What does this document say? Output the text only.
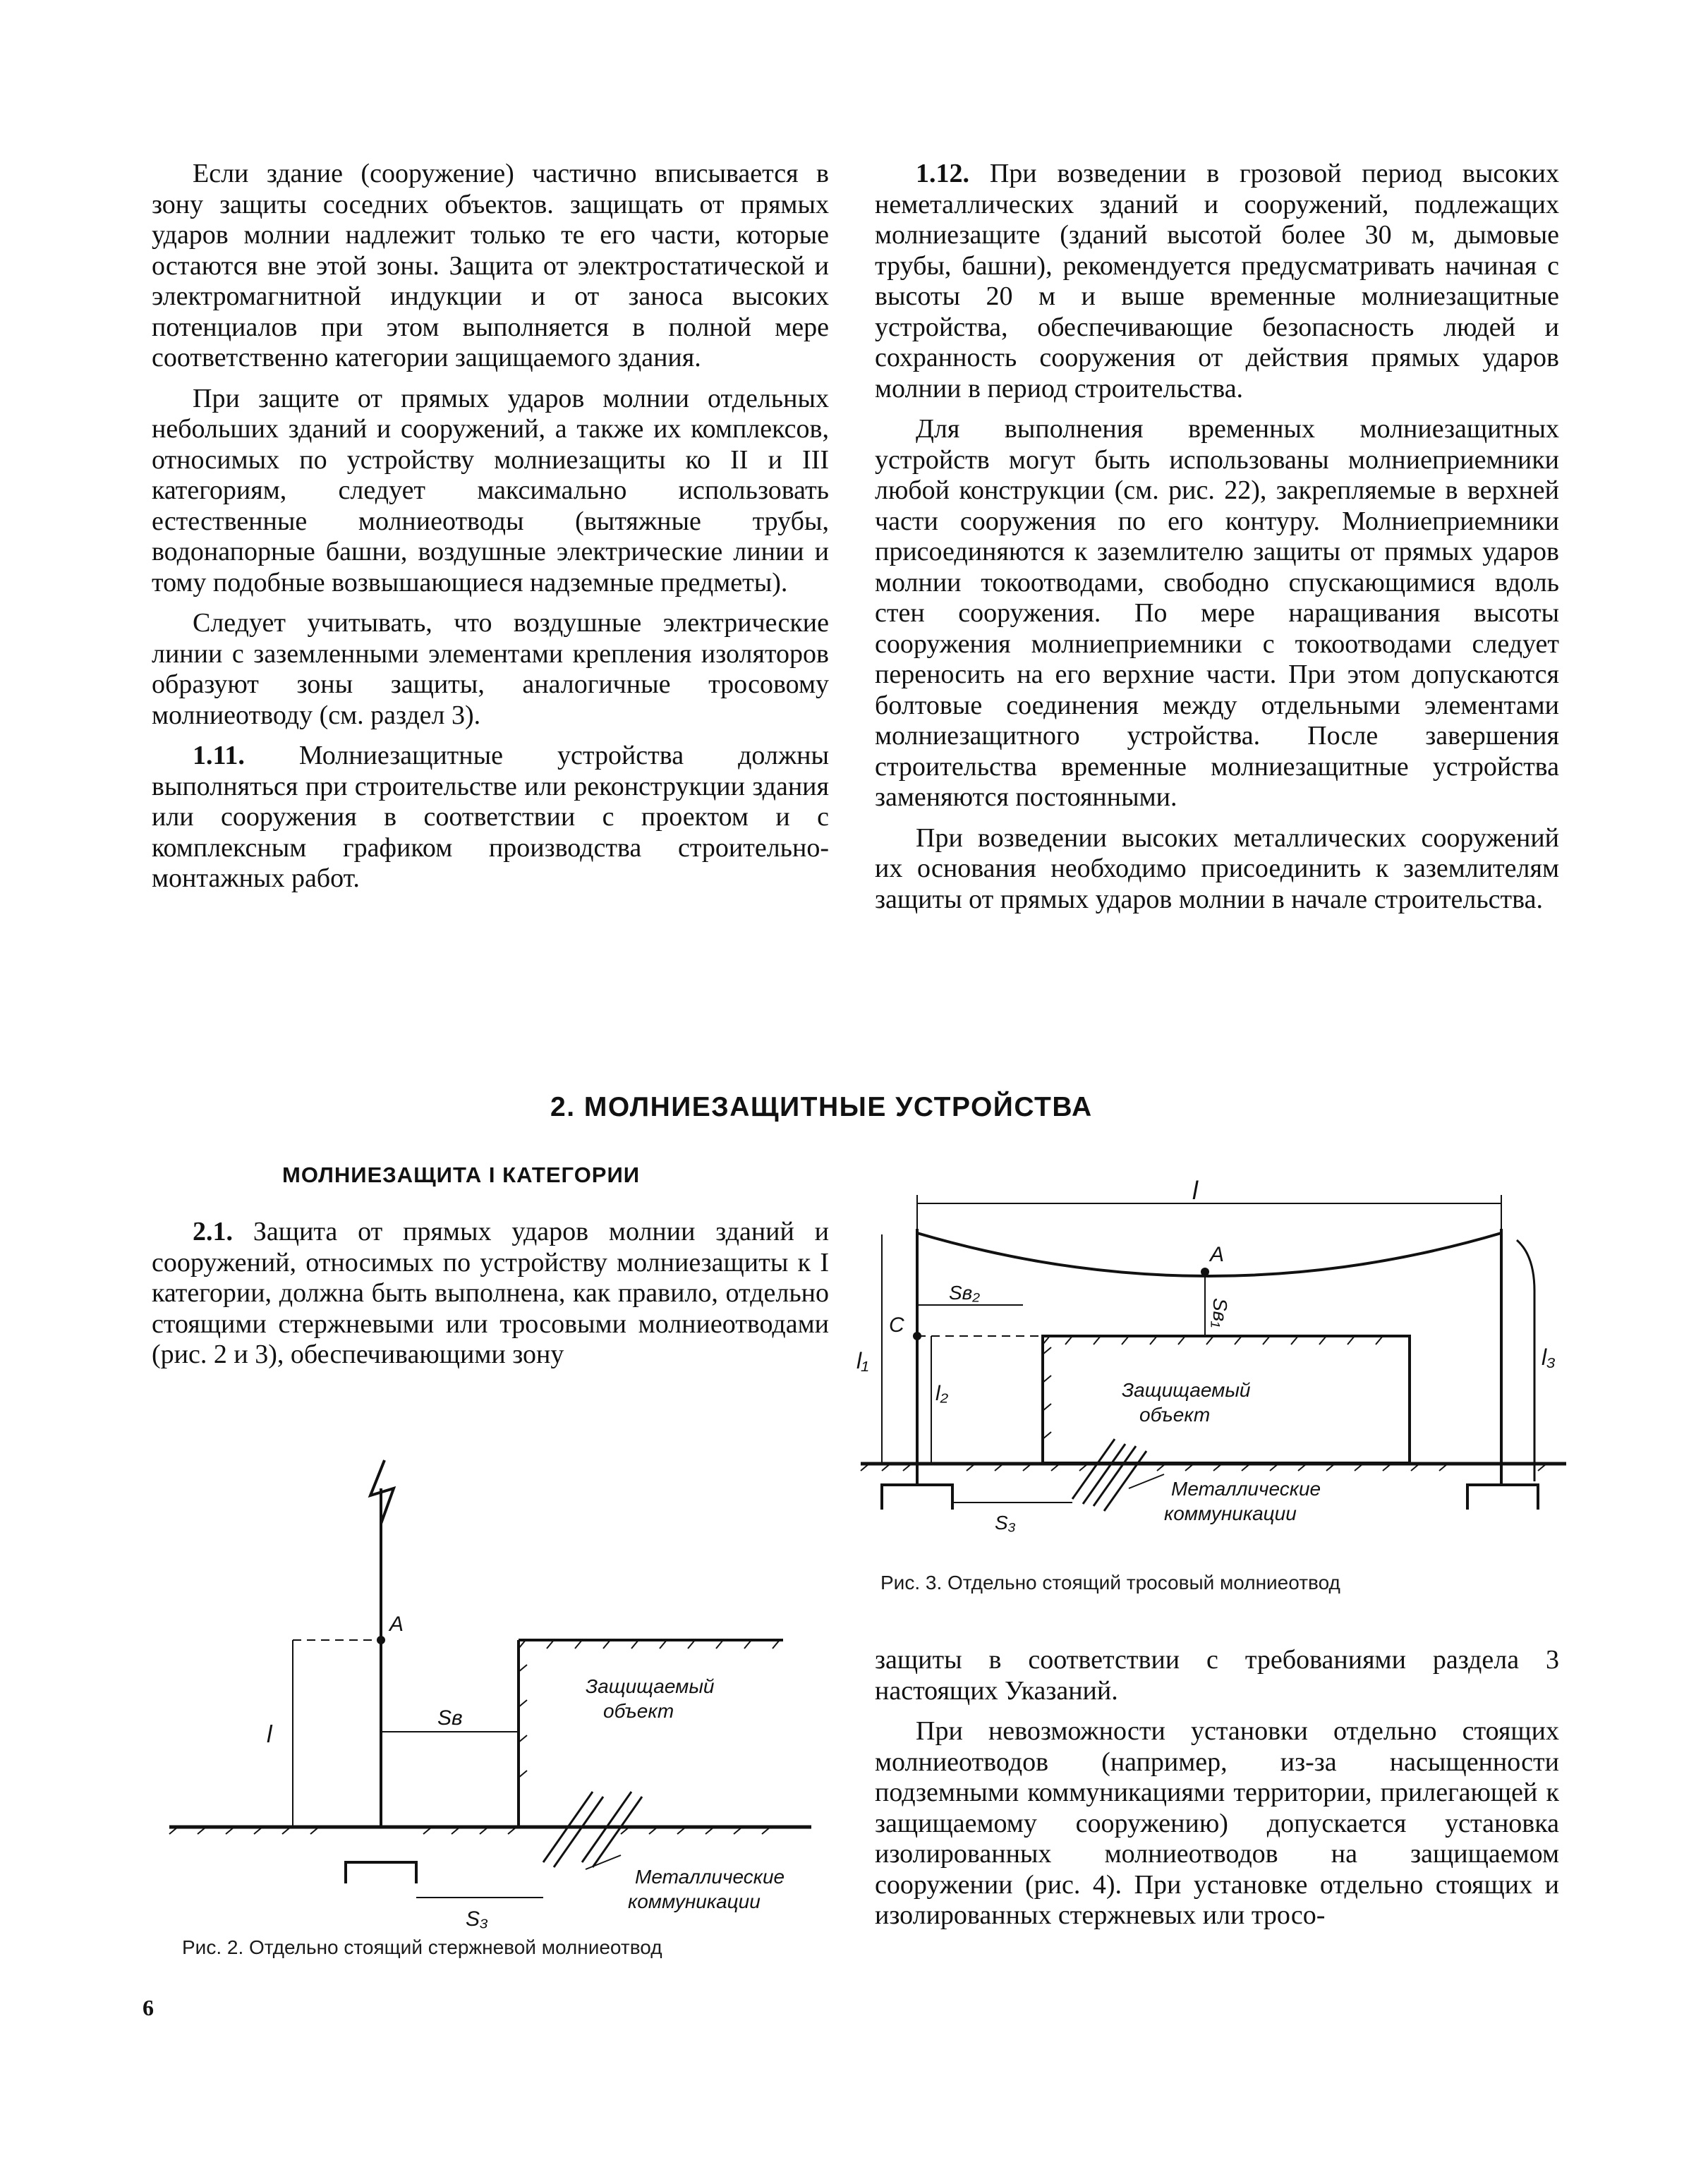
Если здание (сооружение) частично вписывается в зону защиты соседних объектов. защищать от прямых ударов молнии надлежит только те его части, которые остаются вне этой зоны. Защита от электростатической и электромагнитной индукции и от заноса высоких потенциалов при этом выполняется в полной мере соответственно категории защищаемого здания.

При защите от прямых ударов молнии отдельных небольших зданий и сооружений, а также их комплексов, относимых по устройству молниезащиты ко II и III категориям, следует максимально использовать естественные молниеотводы (вытяжные трубы, водонапорные башни, воздушные электрические линии и тому подобные возвышающиеся надземные предметы).

Следует учитывать, что воздушные электрические линии с заземленными элементами крепления изоляторов образуют зоны защиты, аналогичные тросовому молниеотводу (см. раздел 3).

1.11. Молниезащитные устройства должны выполняться при строительстве или реконструкции здания или сооружения в соответствии с проектом и с комплексным графиком производства строительно-монтажных работ.

1.12. При возведении в грозовой период высоких неметаллических зданий и сооружений, подлежащих молниезащите (зданий высотой более 30 м, дымовые трубы, башни), рекомендуется предусматривать начиная с высоты 20 м и выше временные молниезащитные устройства, обеспечивающие безопасность людей и сохранность сооружения от действия прямых ударов молнии в период строительства.

Для выполнения временных молниезащитных устройств могут быть использованы молниеприемники любой конструкции (см. рис. 22), закрепляемые в верхней части сооружения по его контуру. Молниеприемники присоединяются к заземлителю защиты от прямых ударов молнии токоотводами, свободно спускающимися вдоль стен сооружения. По мере наращивания высоты сооружения молниеприемники с токоотводами следует переносить на его верхние части. При этом допускаются болтовые соединения между отдельными элементами молниезащитного устройства. После завершения строительства временные молниезащитные устройства заменяются постоянными.

При возведении высоких металлических сооружений их основания необходимо присоединить к заземлителям защиты от прямых ударов молнии в начале строительства.

2. МОЛНИЕЗАЩИТНЫЕ УСТРОЙСТВА
МОЛНИЕЗАЩИТА I КАТЕГОРИИ

2.1. Защита от прямых ударов молнии зданий и сооружений, относимых по устройству молниезащиты к I категории, должна быть выполнена, как правило, отдельно стоящими стержневыми или тросовыми молниеотводами (рис. 2 и 3), обеспечивающими зону

l
A
C
Sв₂
Sв₁
l₁
l₂
l₃
S₃
Защищаемый
объект
Металлические
коммуникации
Рис. 3. Отдельно стоящий тросовый молниеотвод
A
l
Sв
S₃
Защищаемый
объект
Металлические
коммуникации
Рис. 2. Отдельно стоящий стержневой молниеотвод

защиты в соответствии с требованиями раздела 3 настоящих Указаний.

При невозможности установки отдельно стоящих молниеотводов (например, из-за насыщенности подземными коммуникациями территории, прилегающей к защищаемому сооружению) допускается установка изолированных молниеотводов на защищаемом сооружении (рис. 4). При установке отдельно стоящих и изолированных стержневых или тросо-

6
